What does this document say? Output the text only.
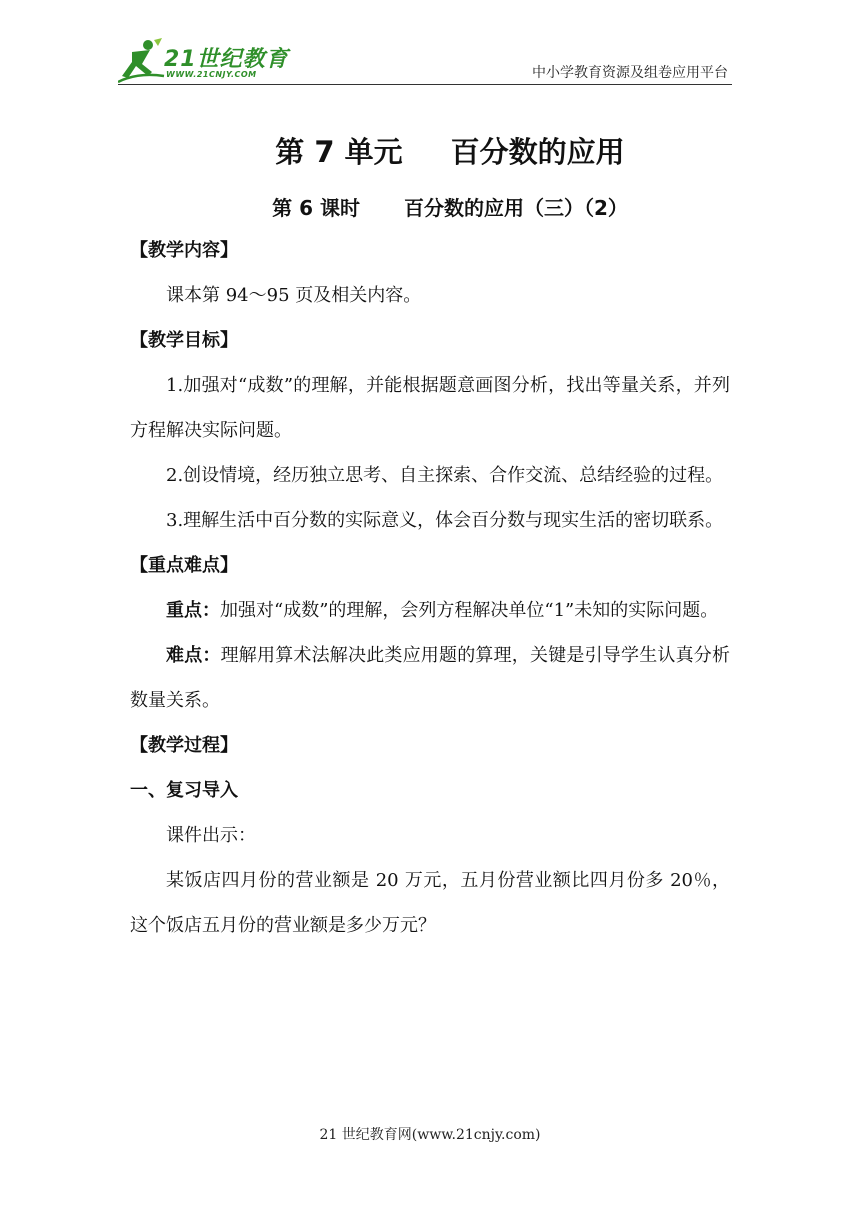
21世纪教育
WWW.21CNJY.COM	中小学教育资源及组卷应用平台
第 7 单元 百分数的应用
第 6 课时 百分数的应用（三）（2）
【教学内容】

课本第 94～95 页及相关内容。

【教学目标】

1.加强对“成数”的理解，并能根据题意画图分析，找出等量关系，并列方程解决实际问题。

2.创设情境，经历独立思考、自主探索、合作交流、总结经验的过程。

3.理解生活中百分数的实际意义，体会百分数与现实生活的密切联系。

【重点难点】

重点：加强对“成数”的理解，会列方程解决单位“1”未知的实际问题。

难点：理解用算术法解决此类应用题的算理，关键是引导学生认真分析数量关系。

【教学过程】
一、复习导入

课件出示：

某饭店四月份的营业额是 20 万元，五月份营业额比四月份多 20％，这个饭店五月份的营业额是多少万元？

21 世纪教育网(www.21cnjy.com)
